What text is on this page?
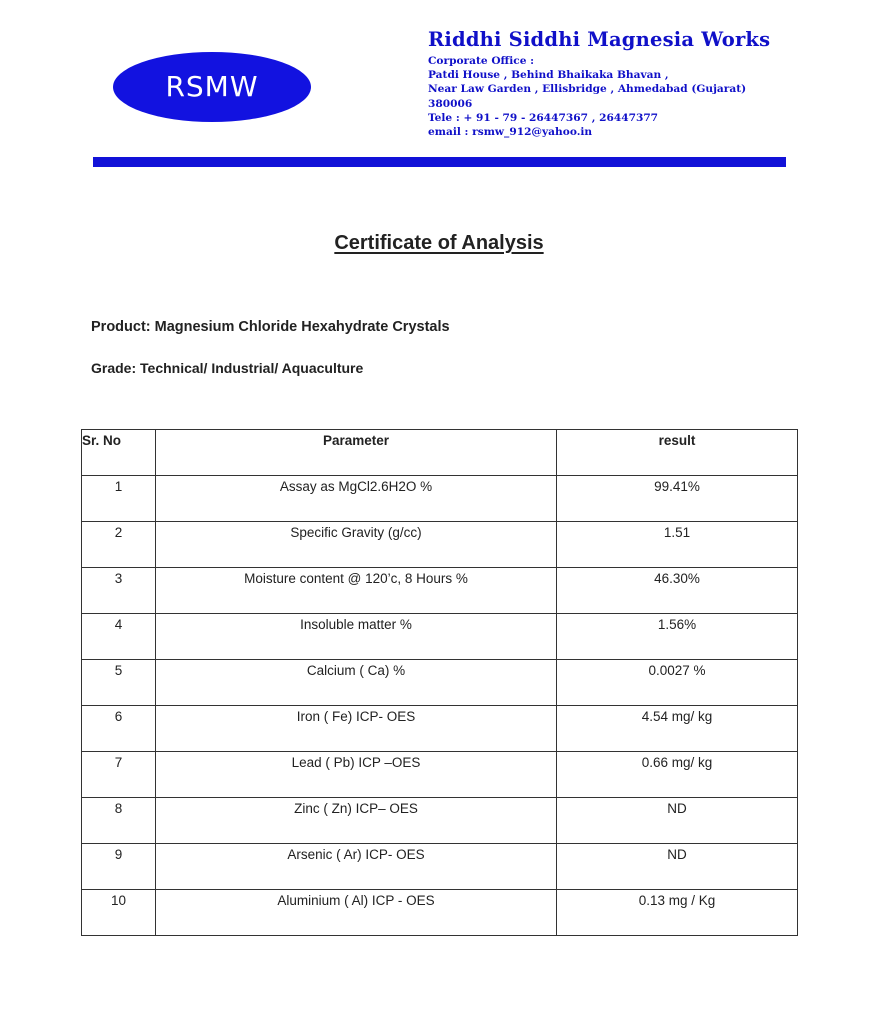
RSMW
Riddhi Siddhi Magnesia Works
Corporate Office :
Patdi House , Behind Bhaikaka Bhavan ,
Near Law Garden , Ellisbridge , Ahmedabad (Gujarat)
380006
Tele : + 91 - 79 - 26447367 , 26447377
email : rsmw_912@yahoo.in
Certificate of Analysis
Product: Magnesium Chloride Hexahydrate Crystals
Grade: Technical/ Industrial/ Aquaculture
Sr. No	Parameter	result
1	Assay as MgCl2.6H2O %	99.41%
2	Specific Gravity (g/cc)	1.51
3	Moisture content @ 120’c, 8 Hours %	46.30%
4	Insoluble matter %	1.56%
5	Calcium ( Ca) %	0.0027 %
6	Iron ( Fe) ICP- OES	4.54 mg/ kg
7	Lead ( Pb) ICP –OES	0.66 mg/ kg
8	Zinc ( Zn) ICP– OES	ND
9	Arsenic ( Ar) ICP- OES	ND
10	Aluminium ( Al) ICP - OES	0.13 mg / Kg
